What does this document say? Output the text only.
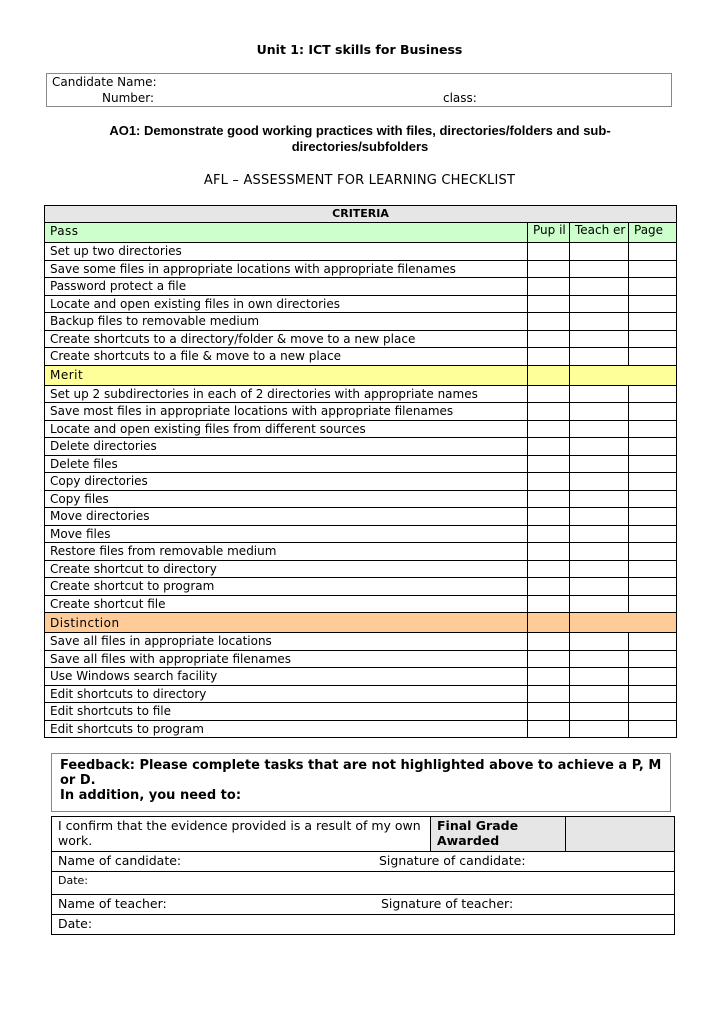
Unit 1: ICT skills for Business
Candidate Name:
Number:	class:
AO1: Demonstrate good working practices with files, directories/folders and sub-directories/subfolders
AFL – ASSESSMENT FOR LEARNING CHECKLIST
CRITERIA			
Pass	Pup il	Teach er	Page
Set up two directories			
Save some files in appropriate locations with appropriate filenames			
Password protect a file			
Locate and open existing files in own directories			
Backup files to removable medium			
Create shortcuts to a directory/folder & move to a new place			
Create shortcuts to a file & move to a new place			
Merit			
Set up 2 subdirectories in each of 2 directories with appropriate names			
Save most files in appropriate locations with appropriate filenames			
Locate and open existing files from different sources			
Delete directories			
Delete files			
Copy directories			
Copy files			
Move directories			
Move files			
Restore files from removable medium			
Create shortcut to directory			
Create shortcut to program			
Create shortcut file			
Distinction			
Save all files in appropriate locations			
Save all files with appropriate filenames			
Use Windows search facility			
Edit shortcuts to directory			
Edit shortcuts to file			
Edit shortcuts to program			
Feedback: Please complete tasks that are not highlighted above to achieve a P, M or D.
In addition, you need to:
I confirm that the evidence provided is a result of my own work.	Final Grade Awarded	

Name of candidate:	Signature of candidate:

Date:

Name of teacher:	Signature of teacher:

Date:
